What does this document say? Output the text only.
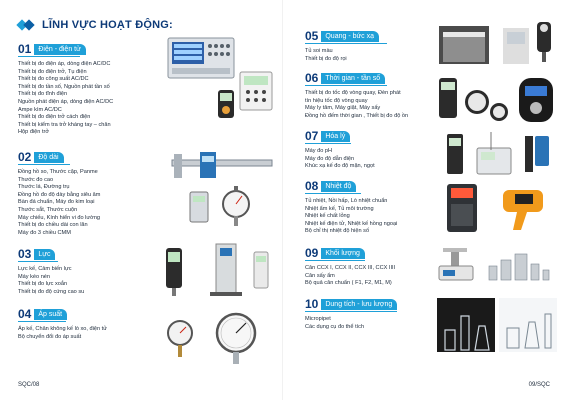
LĨNH VỰC HOẠT ĐỘNG:
01	Điện - điện tử
Thiết bị đo điện áp, dòng điện AC/DC
Thiết bị đo điện trở, Tụ điện
Thiết bị đo công suất AC/DC
Thiết bị đo tần số, Nguồn phát tần số
Thiết bị đo tĩnh điện
Nguồn phát điện áp, dòng điện AC/DC
Ampe kìm AC/DC
Thiết bị đo điện trở cách điện
Thiết bị kiểm tra trở kháng tay – chân
Hộp điện trở
02	Độ dài
Đồng hồ so, Thước cặp, Panme
Thước đo cao
Thước lá, Đường trụ
Đồng hồ đo độ dày bằng siêu âm
Bàn đá chuẩn, Máy đo kim loại
Thước sắt, Thước cuộn
Máy chiếu, Kính hiển vi đo lường
Thiết bị đo chiều dài con lăn
Máy đo 3 chiều CMM
03	Lực
Lực kế, Cảm biến lực
Máy kéo nén
Thiết bị đo lực xoắn
Thiết bị đo độ cứng cao su
04	Áp suất
Áp kế, Chân không kế lò xo, điện tử
Bộ chuyển đổi đo áp suất
SQC/08
05	Quang - bức xạ
Tủ soi màu
Thiết bị đo độ rọi
06	Thời gian - tần số
Thiết bị đo tốc độ vòng quay, Đèn phát
tín hiệu tốc độ vòng quay
Máy ly tâm, Máy giặt, Máy sấy
Đồng hồ đếm thời gian , Thiết bị đo độ ồn
07	Hóa lý
Máy đo pH
Máy đo độ dẫn điện
Khúc xạ kế đo độ mặn, ngọt
08	Nhiệt độ
Tủ nhiệt, Nồi hấp, Lò nhiệt chuẩn
Nhiệt ẩm kế, Tủ môi trường
Nhiệt kế chất lỏng
Nhiệt kế điện tử, Nhiệt kế hồng ngoại
Bộ chỉ thị nhiệt độ hiện số
09	Khối lượng
Cân CCX I, CCX II, CCX III, CCX IIII
Cân sấy ẩm
Bộ quả cân chuẩn ( F1, F2, M1, M)
10	Dung tích - lưu lượng
Micropipet
Các dụng cụ đo thể tích
09/SQC
